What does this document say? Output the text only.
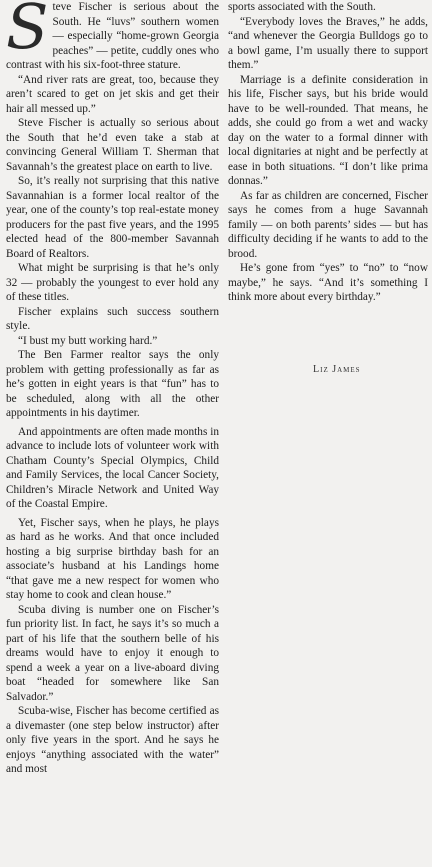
S teve Fischer is serious about the South. He “luvs” southern women — especially “home-grown Georgia peaches” — petite, cuddly ones who contrast with his six-foot-three stature.

“And river rats are great, too, because they aren’t scared to get on jet skis and get their hair all messed up.”

Steve Fischer is actually so serious about the South that he’d even take a stab at convincing General William T. Sherman that Savannah’s the greatest place on earth to live.

So, it’s really not surprising that this native Savannahian is a former local realtor of the year, one of the county’s top real-estate money producers for the past five years, and the 1995 elected head of the 800-member Savannah Board of Realtors.

What might be surprising is that he’s only 32 — probably the youngest to ever hold any of these titles.

Fischer explains such success southern style.

“I bust my butt working hard.”

The Ben Farmer realtor says the only problem with getting professionally as far as he’s gotten in eight years is that “fun” has to be scheduled, along with all the other appointments in his daytimer.

And appointments are often made months in advance to include lots of volunteer work with Chatham County’s Special Olympics, Child and Family Services, the local Cancer Society, Children’s Miracle Network and United Way of the Coastal Empire.

Yet, Fischer says, when he plays, he plays as hard as he works. And that once included hosting a big surprise birthday bash for an associate’s husband at his Landings home “that gave me a new respect for women who stay home to cook and clean house.”

Scuba diving is number one on Fischer’s fun priority list. In fact, he says it’s so much a part of his life that the southern belle of his dreams would have to enjoy it enough to spend a week a year on a live-aboard diving boat “headed for somewhere like San Salvador.”

Scuba-wise, Fischer has become certified as a divemaster (one step below instructor) after only five years in the sport. And he says he enjoys “anything associated with the water” and most

sports associated with the South.

“Everybody loves the Braves,” he adds, “and whenever the Georgia Bulldogs go to a bowl game, I’m usually there to support them.”

Marriage is a definite consideration in his life, Fischer says, but his bride would have to be well-rounded. That means, he adds, she could go from a wet and wacky day on the water to a formal dinner with local dignitaries at night and be perfectly at ease in both situations. “I don’t like prima donnas.”

As far as children are concerned, Fischer says he comes from a huge Savannah family — on both parents’ sides — but has difficulty deciding if he wants to add to the brood.

He’s gone from “yes” to “no” to “now maybe,” he says. “And it’s something I think more about every birthday.”

Liz James
